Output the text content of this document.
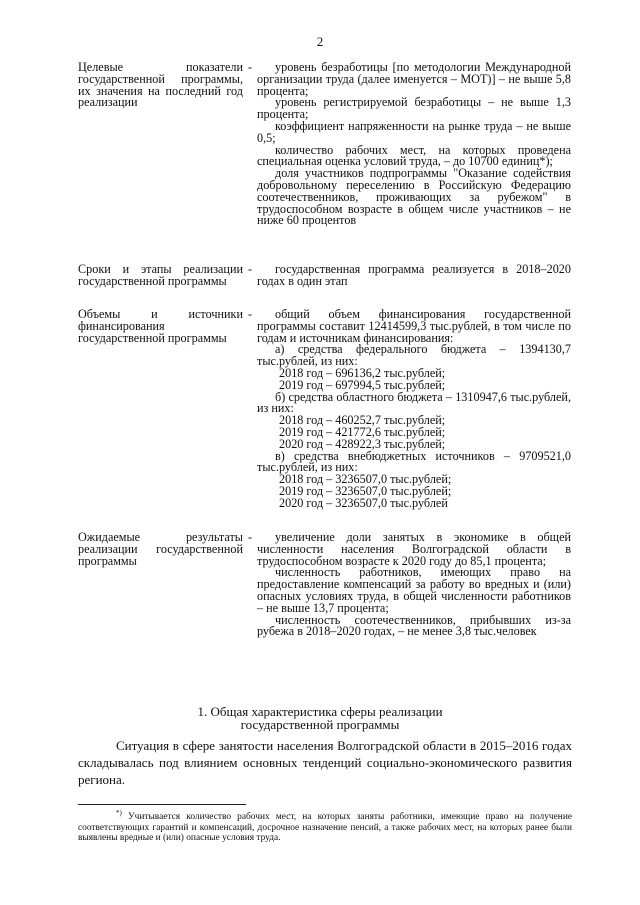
2
Целевые показатели государственной программы, их значения на последний год реализации
-	уровень безработицы [по методологии Международной организации труда (далее именуется – МОТ)] – не выше 5,8 процента;

уровень регистрируемой безработицы – не выше 1,3 процента;

коэффициент напряженности на рынке труда – не выше 0,5;

количество рабочих мест, на которых проведена специальная оценка условий труда, – до 10700 единиц*);

доля участников подпрограммы "Оказание содействия добровольному переселению в Российскую Федерацию соотечественников, проживающих за рубежом" в трудоспособном возрасте в общем числе участников – не ниже 60 процентов

Сроки и этапы реализации государственной программы
-	государственная программа реализуется в 2018–2020 годах в один этап

Объемы и источники финансирования государственной программы
-	общий объем финансирования государственной программы составит 12414599,3 тыс.рублей, в том числе по годам и источникам финансирования:

а) средства федерального бюджета – 1394130,7 тыс.рублей, из них:

2018 год – 696136,2 тыс.рублей;

2019 год – 697994,5 тыс.рублей;

б) средства областного бюджета – 1310947,6 тыс.рублей, из них:

2018 год – 460252,7 тыс.рублей;

2019 год – 421772,6 тыс.рублей;

2020 год – 428922,3 тыс.рублей;

в) средства внебюджетных источников – 9709521,0 тыс.рублей, из них:

2018 год – 3236507,0 тыс.рублей;

2019 год – 3236507,0 тыс.рублей;

2020 год – 3236507,0 тыс.рублей

Ожидаемые результаты реализации государственной программы
-	увеличение доли занятых в экономике в общей численности населения Волгоградской области в трудоспособном возрасте к 2020 году до 85,1 процента;

численность работников, имеющих право на предоставление компенсаций за работу во вредных и (или) опасных условиях труда, в общей численности работников – не выше 13,7 процента;

численность соотечественников, прибывших из-за рубежа в 2018–2020 годах, – не менее 3,8 тыс.человек

1. Общая характеристика сферы реализации
государственной программы

Ситуация в сфере занятости населения Волгоградской области в 2015–2016 годах складывалась под влиянием основных тенденций социально-экономического развития региона.

*) Учитывается количество рабочих мест, на которых заняты работники, имеющие право на получение соответствующих гарантий и компенсаций, досрочное назначение пенсий, а также рабочих мест, на которых ранее были выявлены вредные и (или) опасные условия труда.
